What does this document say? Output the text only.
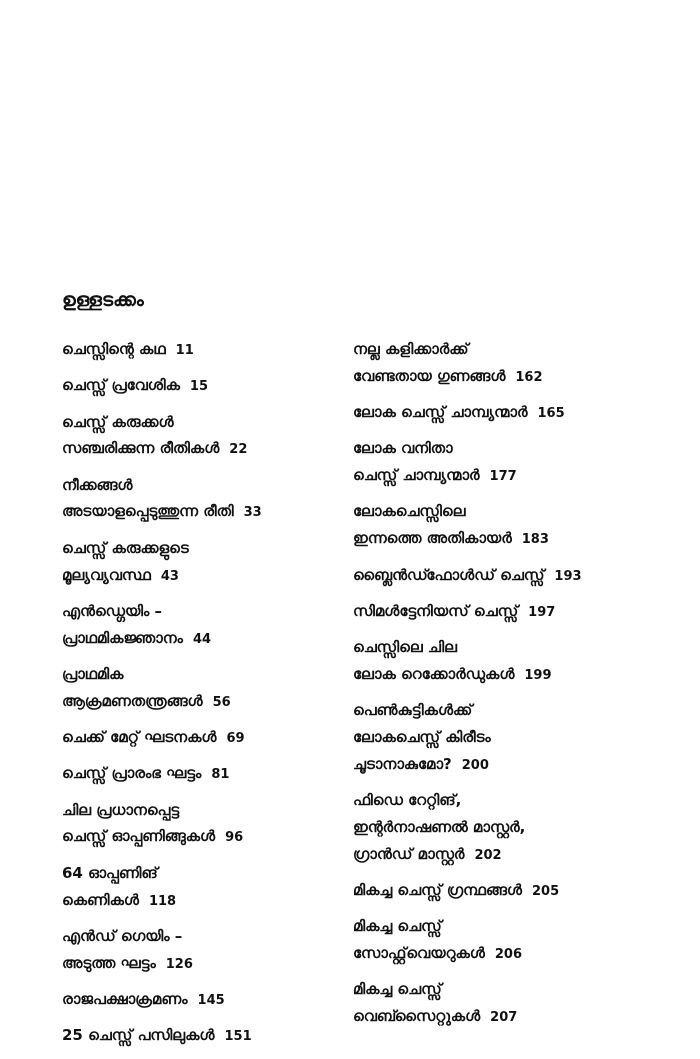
ഉള്ളടക്കം
ചെസ്സിന്റെ കഥ 11
ചെസ്സ് പ്രവേശിക 15
ചെസ്സ് കരുക്കൾ
സഞ്ചരിക്കുന്ന രീതികൾ 22
നീക്കങ്ങൾ
അടയാളപ്പെടുത്തുന്ന രീതി 33
ചെസ്സ് കരുക്കളുടെ
മൂല്യവ്യവസ്ഥ 43
എൻഡ്ഗെയിം –
പ്രാഥമികജ്ഞാനം 44
പ്രാഥമിക
ആക്രമണതന്ത്രങ്ങൾ 56
ചെക്ക് മേറ്റ് ഘടനകൾ 69
ചെസ്സ് പ്രാരംഭ ഘട്ടം 81
ചില പ്രധാനപ്പെട്ട
ചെസ്സ് ഓപ്പണിങ്ങുകൾ 96
64 ഓപ്പണിങ്
കെണികൾ 118
എൻഡ് ഗെയിം –
അടുത്ത ഘട്ടം 126
രാജപക്ഷാക്രമണം 145
25 ചെസ്സ് പസിലുകൾ 151
നല്ല കളിക്കാർക്ക്
വേണ്ടതായ ഗുണങ്ങൾ 162
ലോക ചെസ്സ് ചാമ്പ്യന്മാർ 165
ലോക വനിതാ
ചെസ്സ് ചാമ്പ്യന്മാർ 177
ലോകചെസ്സിലെ
ഇന്നത്തെ അതികായർ 183
ബ്ലൈൻഡ്ഫോൾഡ് ചെസ്സ് 193
സിമൾട്ടേനിയസ് ചെസ്സ് 197
ചെസ്സിലെ ചില
ലോക റെക്കോർഡുകൾ 199
പെൺകുട്ടികൾക്ക്
ലോകചെസ്സ് കിരീടം
ചൂടാനാകുമോ? 200
ഫിഡെ റേറ്റിങ്,
ഇന്റർനാഷണൽ മാസ്റ്റർ,
ഗ്രാൻഡ് മാസ്റ്റർ 202
മികച്ച ചെസ്സ് ഗ്രന്ഥങ്ങൾ 205
മികച്ച ചെസ്സ്
സോഫ്റ്റ്‌വെയറുകൾ 206
മികച്ച ചെസ്സ്
വെബ്സൈറ്റുകൾ 207
